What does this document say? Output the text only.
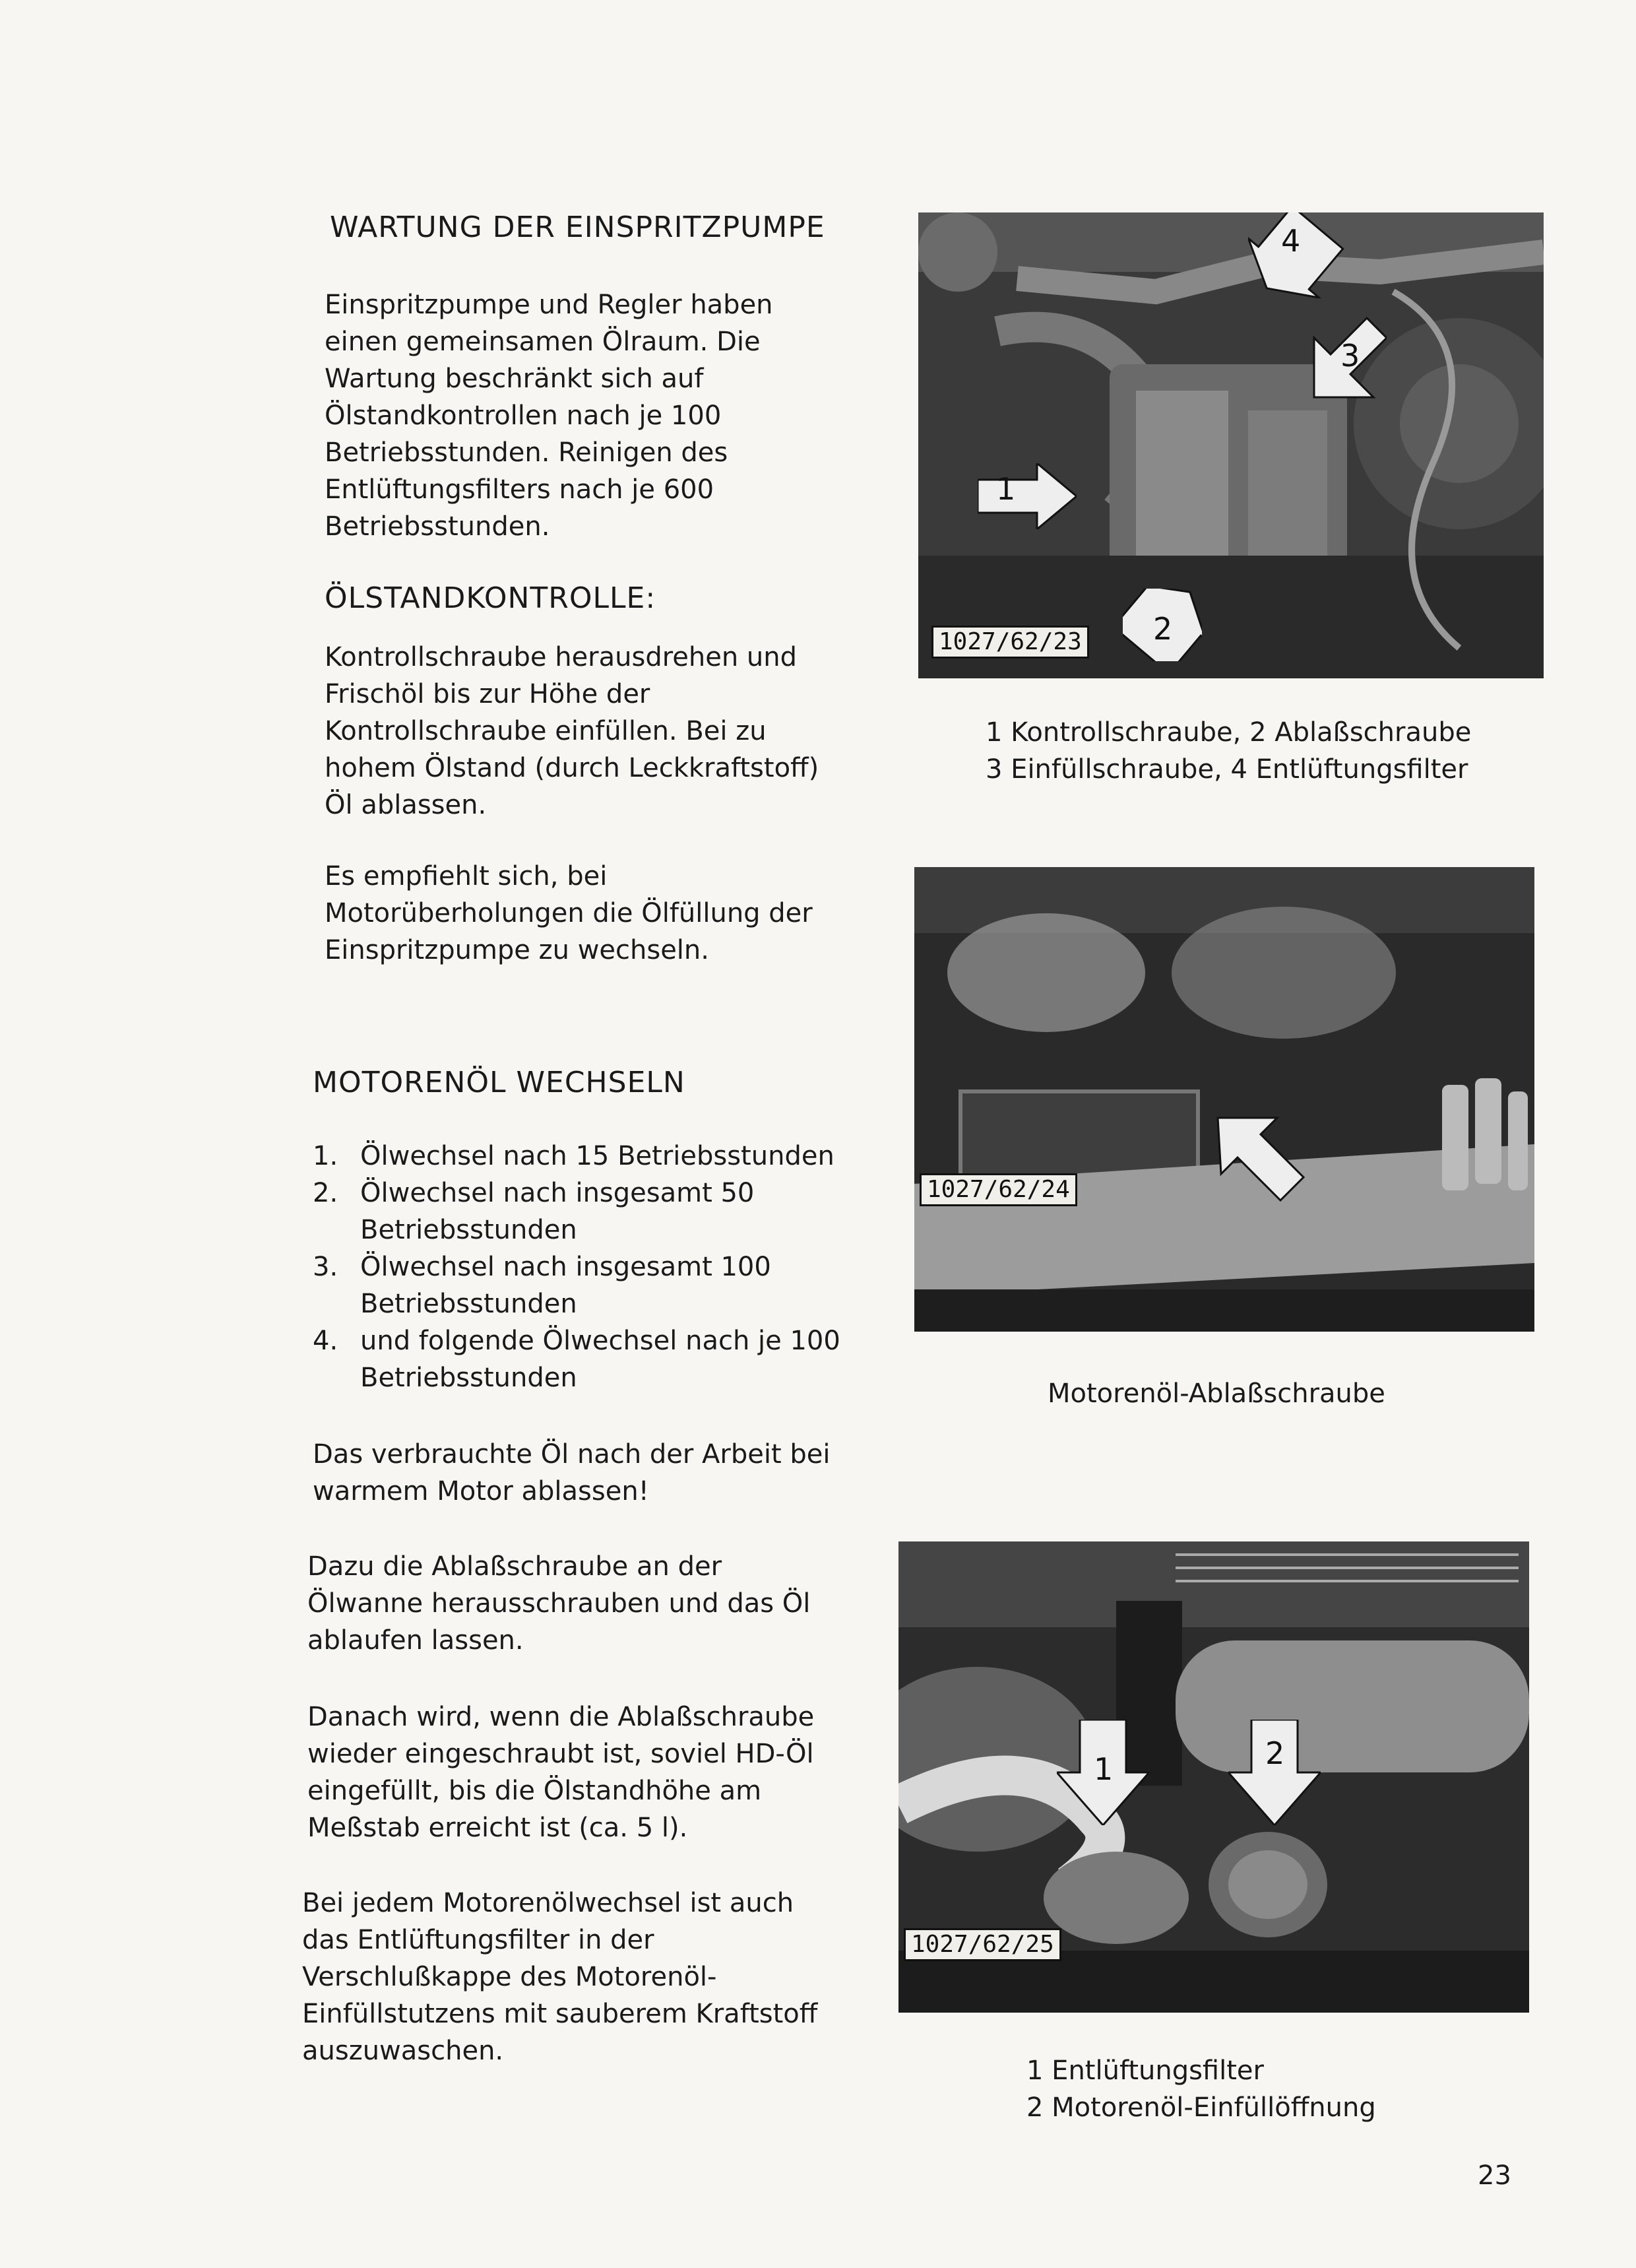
WARTUNG DER EINSPRITZPUMPE
Einspritzpumpe und Regler haben einen gemeinsamen Ölraum. Die Wartung beschränkt sich auf Ölstandkontrollen nach je 100 Betriebsstunden. Reinigen des Entlüftungsfilters nach je 600 Betriebsstunden.
ÖLSTANDKONTROLLE:
Kontrollschraube herausdrehen und Frischöl bis zur Höhe der Kontrollschraube einfüllen. Bei zu hohem Ölstand (durch Leckkraftstoff) Öl ablassen.
Es empfiehlt sich, bei Motorüberholungen die Ölfüllung der Einspritzpumpe zu wechseln.
MOTORENÖL WECHSELN
1. Ölwechsel nach 15 Betriebsstunden
2. Ölwechsel nach insgesamt 50 Betriebsstunden
3. Ölwechsel nach insgesamt 100 Betriebsstunden
4. und folgende Ölwechsel nach je 100 Betriebsstunden
Das verbrauchte Öl nach der Arbeit bei warmem Motor ablassen!
Dazu die Ablaßschraube an der Ölwanne herausschrauben und das Öl ablaufen lassen.
Danach wird, wenn die Ablaßschraube wieder eingeschraubt ist, soviel HD-Öl eingefüllt, bis die Ölstandhöhe am Meßstab erreicht ist (ca. 5 l).
Bei jedem Motorenölwechsel ist auch das Entlüftungsfilter in der Verschlußkappe des Motorenöl-Einfüllstutzens mit sauberem Kraftstoff auszuwaschen.
1
2
3
4
1027/62/23
1 Kontrollschraube, 2 Ablaßschraube
3 Einfüllschraube, 4 Entlüftungsfilter
1027/62/24
Motorenöl-Ablaßschraube
1	2
1027/62/25
1 Entlüftungsfilter
2 Motorenöl-Einfüllöffnung
23
